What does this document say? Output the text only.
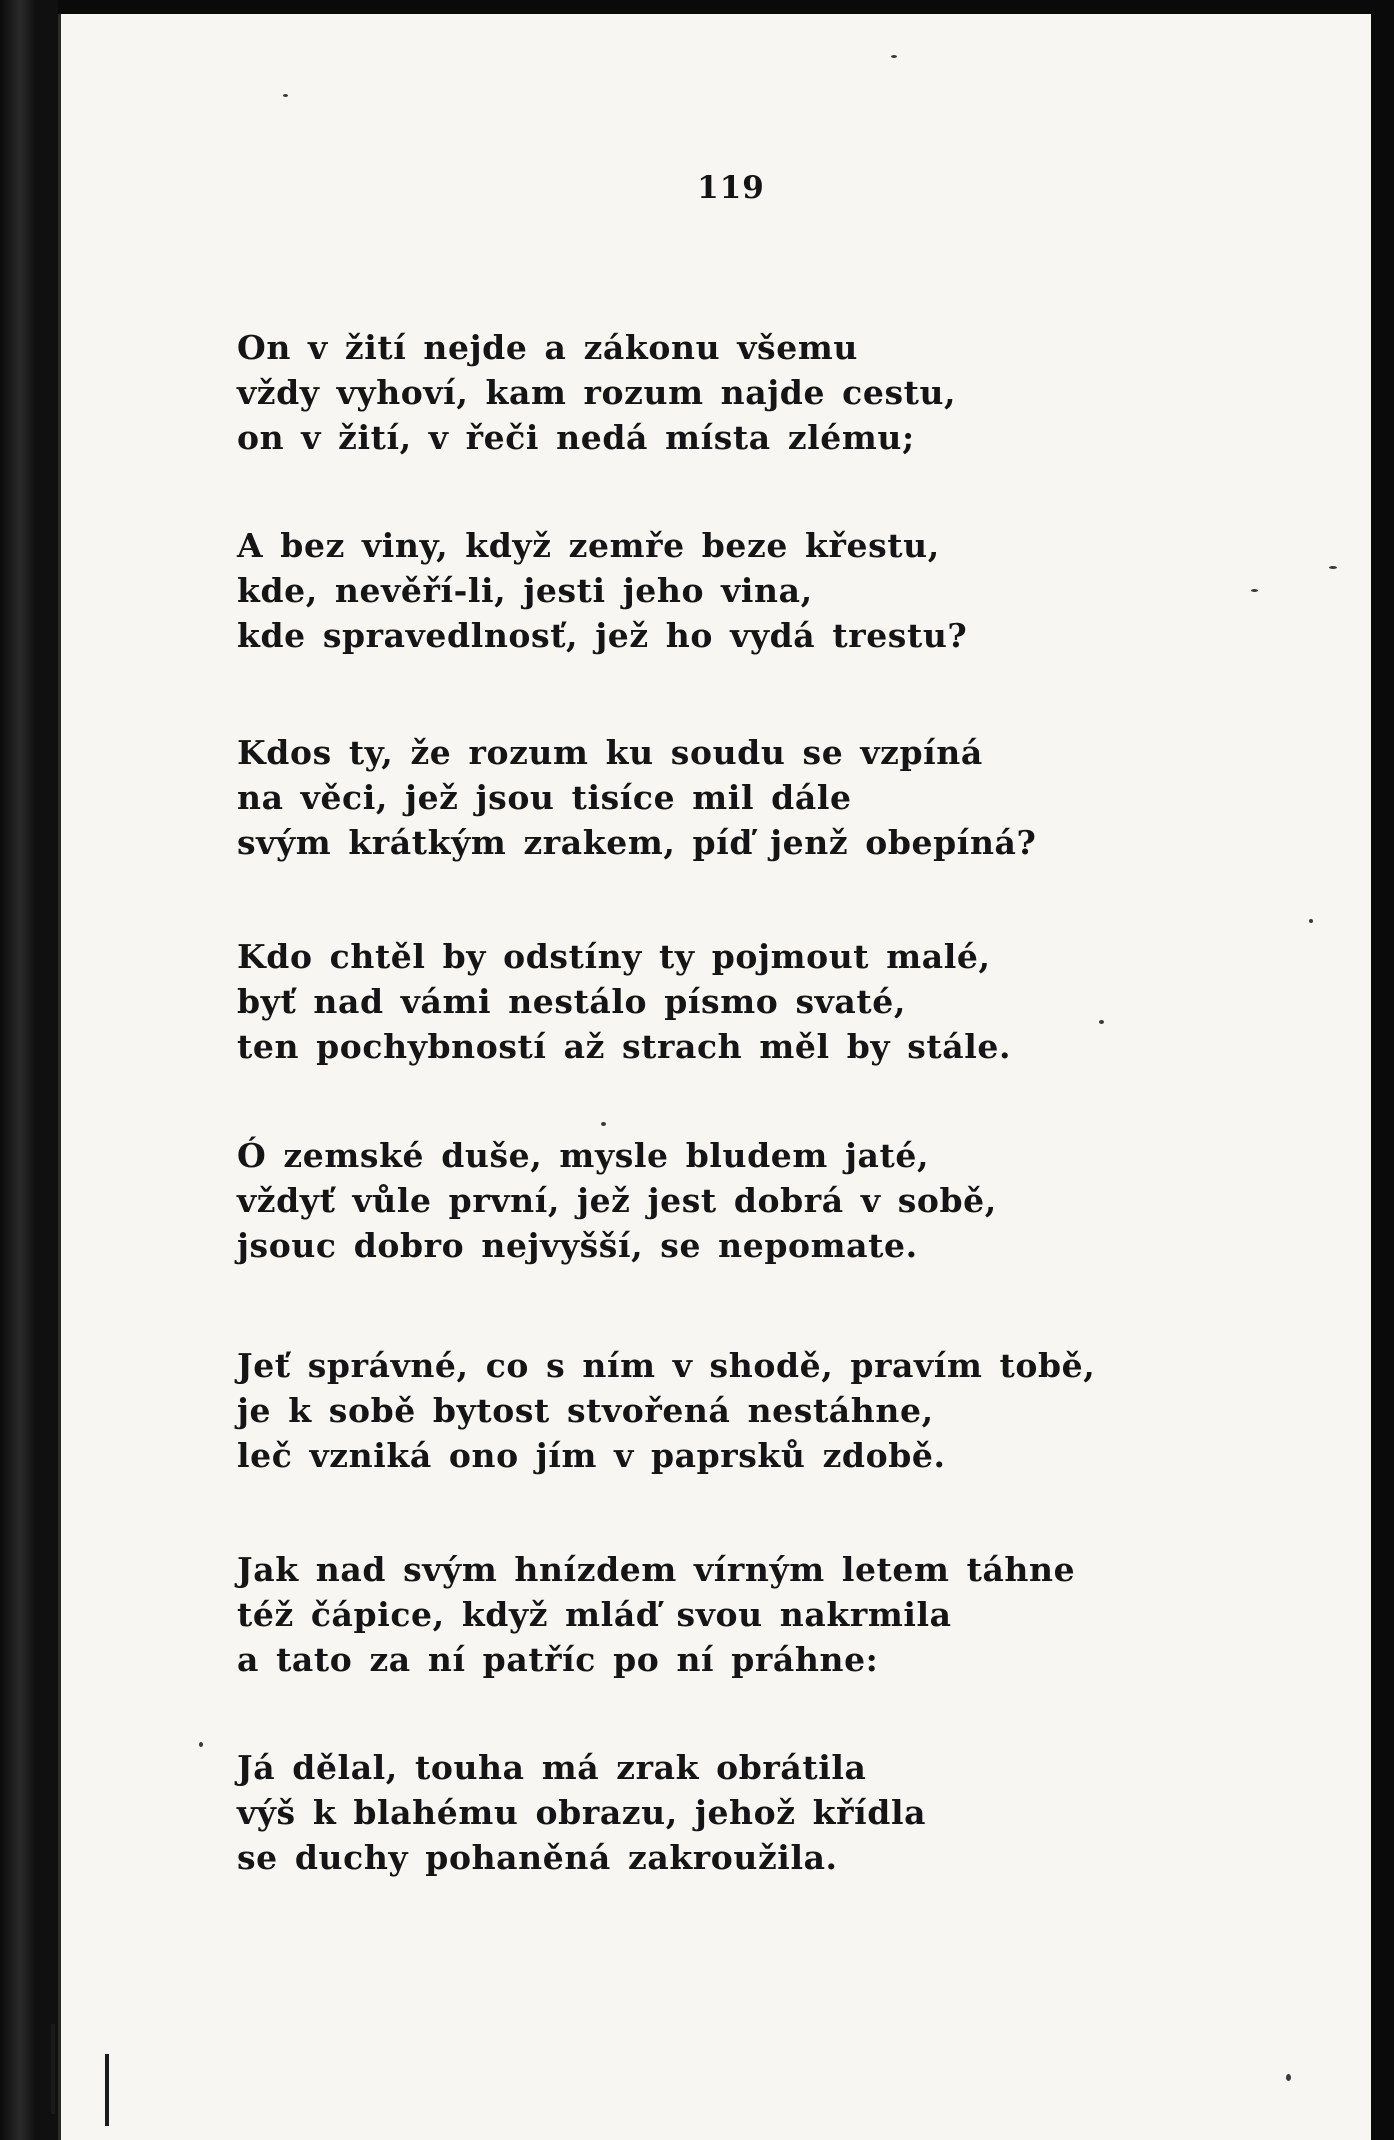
119
On v žití nejde a zákonu všemu
vždy vyhoví, kam rozum najde cestu,
on v žití, v řeči nedá místa zlému;
A bez viny, když zemře beze křestu,
kde, nevěří-li, jesti jeho vina,
kde spravedlnosť, jež ho vydá trestu?
Kdos ty, že rozum ku soudu se vzpíná
na věci, jež jsou tisíce mil dále
svým krátkým zrakem, píď jenž obepíná?
Kdo chtěl by odstíny ty pojmout malé,
byť nad vámi nestálo písmo svaté,
ten pochybností až strach měl by stále.
Ó zemské duše, mysle bludem jaté,
vždyť vůle první, jež jest dobrá v sobě,
jsouc dobro nejvyšší, se nepomate.
Jeť správné, co s ním v shodě, pravím tobě,
je k sobě bytost stvořená nestáhne,
leč vzniká ono jím v paprsků zdobě.
Jak nad svým hnízdem vírným letem táhne
též čápice, když mláď svou nakrmila
a tato za ní patříc po ní práhne:
Já dělal, touha má zrak obrátila
výš k blahému obrazu, jehož křídla
se duchy pohaněná zakroužila.
